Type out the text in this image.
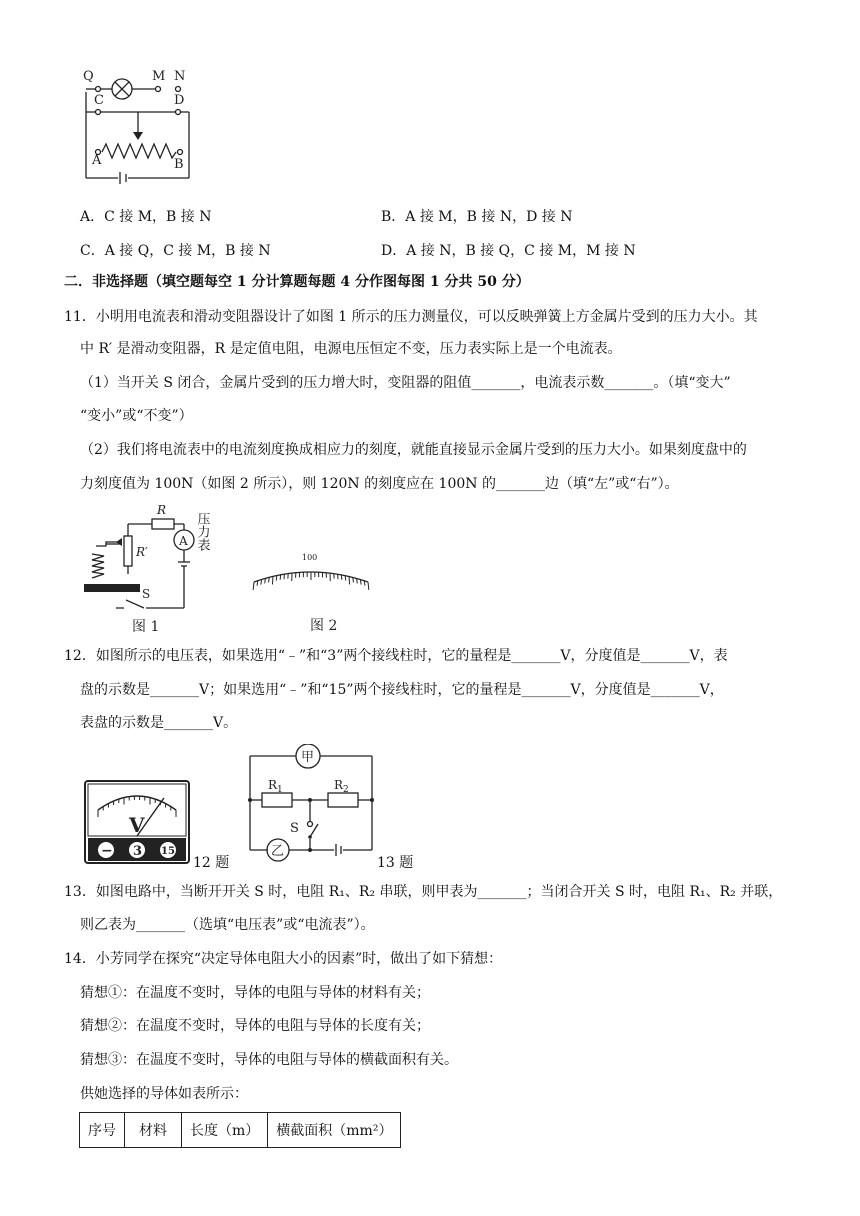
Q	M N
C	D
A	B
A．C 接 M，B 接 N	B．A 接 M，B 接 N，D 接 N
C．A 接 Q，C 接 M，B 接 N	D．A 接 N，B 接 Q，C 接 M，M 接 N
二．非选择题（填空题每空 1 分计算题每题 4 分作图每图 1 分共 50 分）
11．小明用电流表和滑动变阻器设计了如图 1 所示的压力测量仪，可以反映弹簧上方金属片受到的压力大小。其
中 R′ 是滑动变阻器，R 是定值电阻，电源电压恒定不变，压力表实际上是一个电流表。
（1）当开关 S 闭合，金属片受到的压力增大时，变阻器的阻值_______，电流表示数_______。（填“变大”
“变小”或“不变”）
（2）我们将电流表中的电流刻度换成相应力的刻度，就能直接显示金属片受到的压力大小。如果刻度盘中的
力刻度值为 100N（如图 2 所示），则 120N 的刻度应在 100N 的_______边（填“左”或“右”）。
R
R′
A
S
压力表
图 1
100
图 2
12．如图所示的电压表，如果选用“﹣”和“3”两个接线柱时，它的量程是_______V，分度值是_______V，表
盘的示数是_______V；如果选用“﹣”和“15”两个接线柱时，它的量程是_______V，分度值是_______V，
表盘的示数是_______V。
V
− 3 15
12 题
甲
乙
$R_1$	$R_2$
S
13 题
13．如图电路中，当断开开关 S 时，电阻 R₁、R₂ 串联，则甲表为_______；当闭合开关 S 时，电阻 R₁、R₂ 并联，
则乙表为_______（选填“电压表”或“电流表”）。
14．小芳同学在探究“决定导体电阻大小的因素”时，做出了如下猜想：
猜想①：在温度不变时，导体的电阻与导体的材料有关；
猜想②：在温度不变时，导体的电阻与导体的长度有关；
猜想③：在温度不变时，导体的电阻与导体的横截面积有关。
供她选择的导体如表所示：
序号	材料	长度（m）	横截面积（mm²）
